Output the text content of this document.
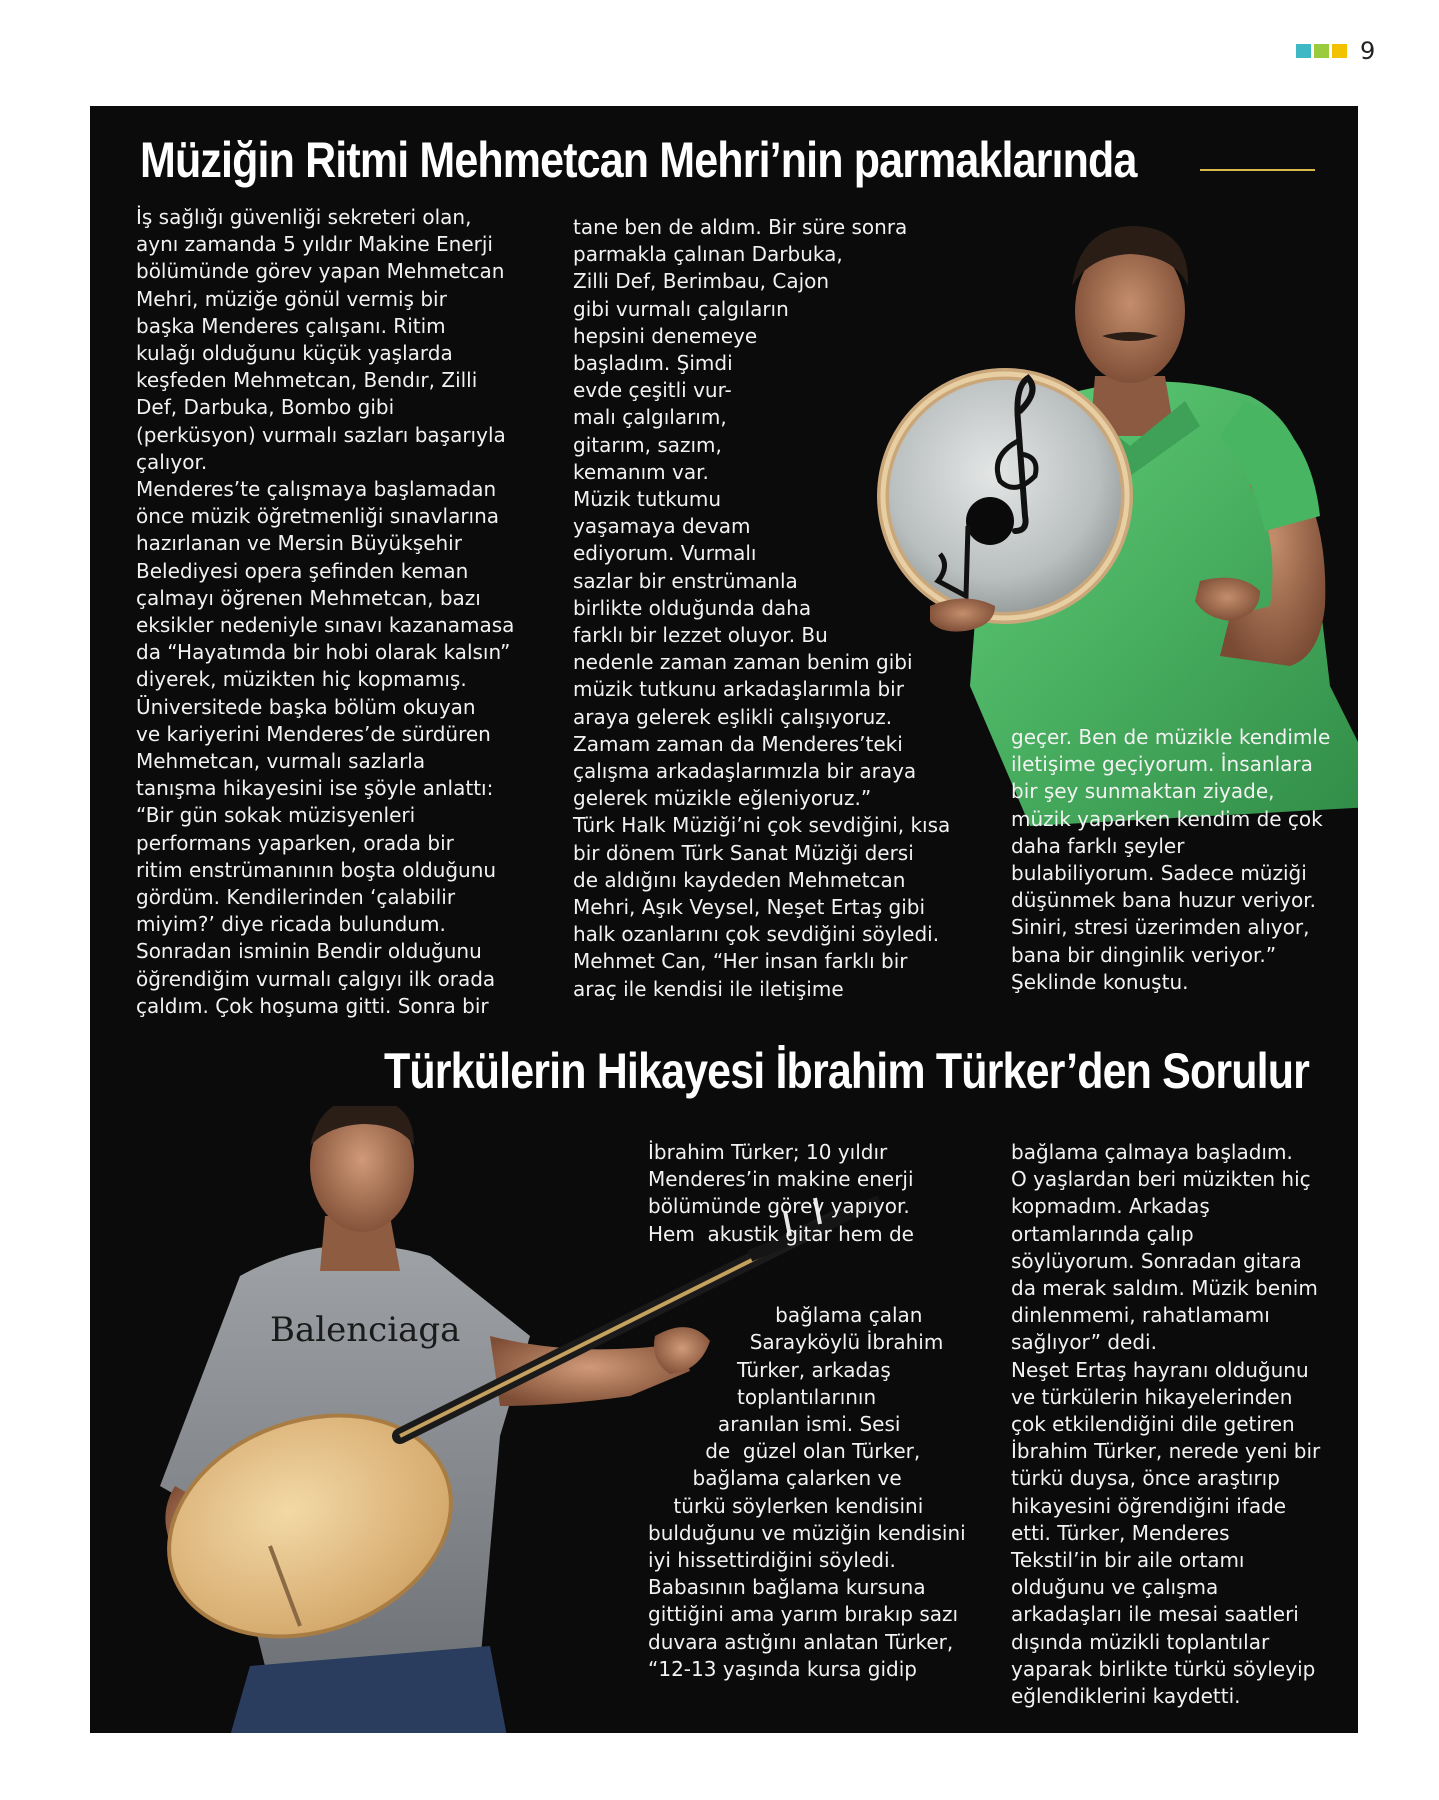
9
Balenciaga
Müziğin Ritmi Mehmetcan Mehri’nin parmaklarında

İş sağlığı güvenliği sekreteri olan,

aynı zamanda 5 yıldır Makine Enerji

bölümünde görev yapan Mehmetcan

Mehri, müziğe gönül vermiş bir

başka Menderes çalışanı. Ritim

kulağı olduğunu küçük yaşlarda

keşfeden Mehmetcan, Bendır, Zilli

Def, Darbuka, Bombo gibi

(perküsyon) vurmalı sazları başarıyla

çalıyor.

Menderes’te çalışmaya başlamadan

önce müzik öğretmenliği sınavlarına

hazırlanan ve Mersin Büyükşehir

Belediyesi opera şefinden keman

çalmayı öğrenen Mehmetcan, bazı

eksikler nedeniyle sınavı kazanamasa

da “Hayatımda bir hobi olarak kalsın”

diyerek, müzikten hiç kopmamış.

Üniversitede başka bölüm okuyan

ve kariyerini Menderes’de sürdüren

Mehmetcan, vurmalı sazlarla

tanışma hikayesini ise şöyle anlattı:

“Bir gün sokak müzisyenleri

performans yaparken, orada bir

ritim enstrümanının boşta olduğunu

gördüm. Kendilerinden ‘çalabilir

miyim?’ diye ricada bulundum.

Sonradan isminin Bendir olduğunu

öğrendiğim vurmalı çalgıyı ilk orada

çaldım. Çok hoşuma gitti. Sonra bir

tane ben de aldım. Bir süre sonra

parmakla çalınan Darbuka,

Zilli Def, Berimbau, Cajon

gibi vurmalı çalgıların

hepsini denemeye

başladım. Şimdi

evde çeşitli vur-

malı çalgılarım,

gitarım, sazım,

kemanım var.

Müzik tutkumu

yaşamaya devam

ediyorum. Vurmalı

sazlar bir enstrümanla

birlikte olduğunda daha

farklı bir lezzet oluyor. Bu

nedenle zaman zaman benim gibi

müzik tutkunu arkadaşlarımla bir

araya gelerek eşlikli çalışıyoruz.

Zamam zaman da Menderes’teki

çalışma arkadaşlarımızla bir araya

gelerek müzikle eğleniyoruz.”

Türk Halk Müziği’ni çok sevdiğini, kısa

bir dönem Türk Sanat Müziği dersi

de aldığını kaydeden Mehmetcan

Mehri, Aşık Veysel, Neşet Ertaş gibi

halk ozanlarını çok sevdiğini söyledi.

Mehmet Can, “Her insan farklı bir

araç ile kendisi ile iletişime

geçer. Ben de müzikle kendimle

iletişime geçiyorum. İnsanlara

bir şey sunmaktan ziyade,

müzik yaparken kendim de çok

daha farklı şeyler

bulabiliyorum. Sadece müziği

düşünmek bana huzur veriyor.

Siniri, stresi üzerimden alıyor,

bana bir dinginlik veriyor.”

Şeklinde konuştu.

Türkülerin Hikayesi İbrahim Türker’den Sorulur

İbrahim Türker; 10 yıldır

Menderes’in makine enerji

bölümünde görev yapıyor.

Hem  akustik gitar hem de

bağlama çalan

Sarayköylü İbrahim

Türker, arkadaş

toplantılarının

aranılan ismi. Sesi

de  güzel olan Türker,

bağlama çalarken ve

türkü söylerken kendisini

bulduğunu ve müziğin kendisini

iyi hissettirdiğini söyledi.

Babasının bağlama kursuna

gittiğini ama yarım bırakıp sazı

duvara astığını anlatan Türker,

“12-13 yaşında kursa gidip

bağlama çalmaya başladım.

O yaşlardan beri müzikten hiç

kopmadım. Arkadaş

ortamlarında çalıp

söylüyorum. Sonradan gitara

da merak saldım. Müzik benim

dinlenmemi, rahatlamamı

sağlıyor” dedi.

Neşet Ertaş hayranı olduğunu

ve türkülerin hikayelerinden

çok etkilendiğini dile getiren

İbrahim Türker, nerede yeni bir

türkü duysa, önce araştırıp

hikayesini öğrendiğini ifade

etti. Türker, Menderes

Tekstil’in bir aile ortamı

olduğunu ve çalışma

arkadaşları ile mesai saatleri

dışında müzikli toplantılar

yaparak birlikte türkü söyleyip

eğlendiklerini kaydetti.
